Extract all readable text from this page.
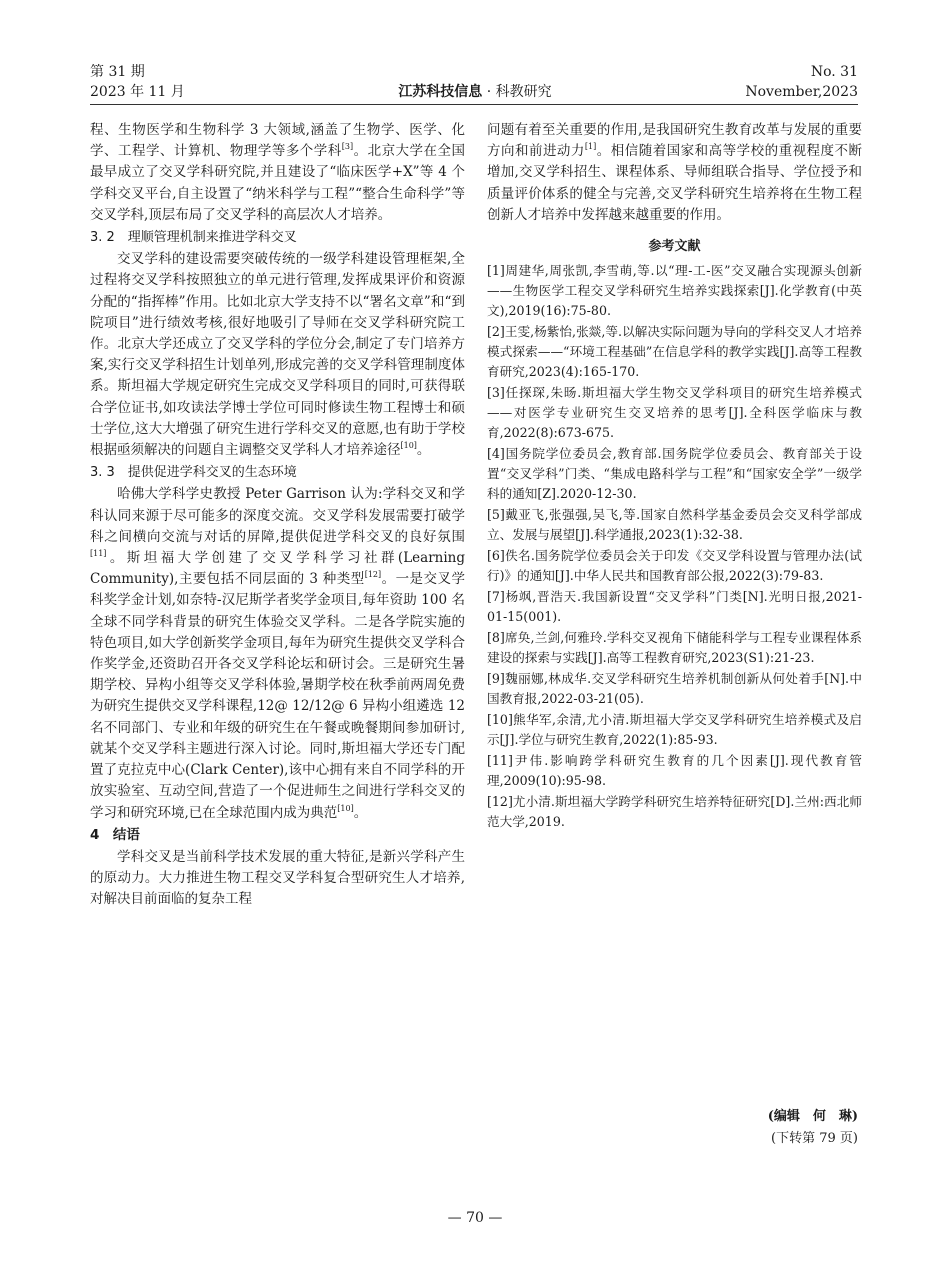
第 31 期
2023 年 11 月	江苏科技信息 · 科教研究
No. 31
November,2023

程、生物医学和生物科学 3 大领域,涵盖了生物学、医学、化学、工程学、计算机、物理学等多个学科[3]。北京大学在全国最早成立了交叉学科研究院,并且建设了“临床医学+X”等 4 个学科交叉平台,自主设置了“纳米科学与工程”“整合生命科学”等交叉学科,顶层布局了交叉学科的高层次人才培养。

3. 2　理顺管理机制来推进学科交叉

交叉学科的建设需要突破传统的一级学科建设管理框架,全过程将交叉学科按照独立的单元进行管理,发挥成果评价和资源分配的“指挥棒”作用。比如北京大学支持不以“署名文章”和“到院项目”进行绩效考核,很好地吸引了导师在交叉学科研究院工作。北京大学还成立了交叉学科的学位分会,制定了专门培养方案,实行交叉学科招生计划单列,形成完善的交叉学科管理制度体系。斯坦福大学规定研究生完成交叉学科项目的同时,可获得联合学位证书,如攻读法学博士学位可同时修读生物工程博士和硕士学位,这大大增强了研究生进行学科交叉的意愿,也有助于学校根据亟须解决的问题自主调整交叉学科人才培养途径[10]。

3. 3　提供促进学科交叉的生态环境

哈佛大学科学史教授 Peter Garrison 认为:学科交叉和学科认同来源于尽可能多的深度交流。交叉学科发展需要打破学科之间横向交流与对话的屏障,提供促进学科交叉的良好氛围[11]。斯坦福大学创建了交叉学科学习社群(Learning Community),主要包括不同层面的 3 种类型[12]。一是交叉学科奖学金计划,如奈特-汉尼斯学者奖学金项目,每年资助 100 名全球不同学科背景的研究生体验交叉学科。二是各学院实施的特色项目,如大学创新奖学金项目,每年为研究生提供交叉学科合作奖学金,还资助召开各交叉学科论坛和研讨会。三是研究生暑期学校、异构小组等交叉学科体验,暑期学校在秋季前两周免费为研究生提供交叉学科课程,12@ 12/12@ 6 异构小组遴选 12 名不同部门、专业和年级的研究生在午餐或晚餐期间参加研讨,就某个交叉学科主题进行深入讨论。同时,斯坦福大学还专门配置了克拉克中心(Clark Center),该中心拥有来自不同学科的开放实验室、互动空间,营造了一个促进师生之间进行学科交叉的学习和研究环境,已在全球范围内成为典范[10]。

4　结语

学科交叉是当前科学技术发展的重大特征,是新兴学科产生的原动力。大力推进生物工程交叉学科复合型研究生人才培养,对解决目前面临的复杂工程

问题有着至关重要的作用,是我国研究生教育改革与发展的重要方向和前进动力[1]。相信随着国家和高等学校的重视程度不断增加,交叉学科招生、课程体系、导师组联合指导、学位授予和质量评价体系的健全与完善,交叉学科研究生培养将在生物工程创新人才培养中发挥越来越重要的作用。

参考文献

[1]周建华,周张凯,李雪萌,等.以“理-工-医”交叉融合实现源头创新——生物医学工程交叉学科研究生培养实践探索[J].化学教育(中英文),2019(16):75-80.

[2]王雯,杨紫怡,张燚,等.以解决实际问题为导向的学科交叉人才培养模式探索——“环境工程基础”在信息学科的教学实践[J].高等工程教育研究,2023(4):165-170.

[3]任探琛,朱旸.斯坦福大学生物交叉学科项目的研究生培养模式——对医学专业研究生交叉培养的思考[J].全科医学临床与教育,2022(8):673-675.

[4]国务院学位委员会,教育部.国务院学位委员会、教育部关于设置“交叉学科”门类、“集成电路科学与工程”和“国家安全学”一级学科的通知[Z].2020-12-30.

[5]戴亚飞,张强强,吴飞,等.国家自然科学基金委员会交叉科学部成立、发展与展望[J].科学通报,2023(1):32-38.

[6]佚名.国务院学位委员会关于印发《交叉学科设置与管理办法(试行)》的通知[J].中华人民共和国教育部公报,2022(3):79-83.

[7]杨飒,晋浩天.我国新设置“交叉学科”门类[N].光明日报,2021-01-15(001).

[8]席奂,兰剑,何雅玲.学科交叉视角下储能科学与工程专业课程体系建设的探索与实践[J].高等工程教育研究,2023(S1):21-23.

[9]魏丽娜,林成华.交叉学科研究生培养机制创新从何处着手[N].中国教育报,2022-03-21(05).

[10]熊华军,余清,尤小清.斯坦福大学交叉学科研究生培养模式及启示[J].学位与研究生教育,2022(1):85-93.

[11]尹伟.影响跨学科研究生教育的几个因素[J].现代教育管理,2009(10):95-98.

[12]尤小清.斯坦福大学跨学科研究生培养特征研究[D].兰州:西北师范大学,2019.

(编辑　何　琳)
(下转第 79 页)
— 70 —
